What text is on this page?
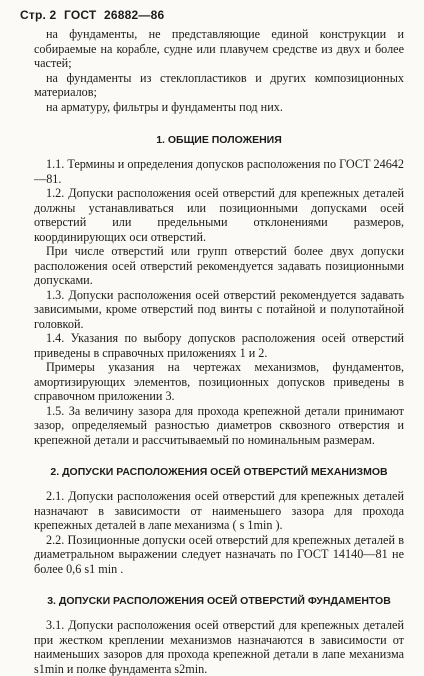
Стр. 2 ГОСТ 26882—86

на фундаменты, не представляющие единой конструкции и собираемые на корабле, судне или плавучем средстве из двух и более частей;

на фундаменты из стеклопластиков и других композиционных материалов;

на арматуру, фильтры и фундаменты под них.

1. ОБЩИЕ ПОЛОЖЕНИЯ

1.1. Термины и определения допусков расположения по ГОСТ 24642—81.

1.2. Допуски расположения осей отверстий для крепежных деталей должны устанавливаться или позиционными допусками осей отверстий или предельными отклонениями размеров, координирующих оси отверстий.

При числе отверстий или групп отверстий более двух допуски расположения осей отверстий рекомендуется задавать позиционными допусками.

1.3. Допуски расположения осей отверстий рекомендуется задавать зависимыми, кроме отверстий под винты с потайной и полупотайной головкой.

1.4. Указания по выбору допусков расположения осей отверстий приведены в справочных приложениях 1 и 2.

Примеры указания на чертежах механизмов, фундаментов, амортизирующих элементов, позиционных допусков приведены в справочном приложении 3.

1.5. За величину зазора для прохода крепежной детали принимают зазор, определяемый разностью диаметров сквозного отверстия и крепежной детали и рассчитываемый по номинальным размерам.

2. ДОПУСКИ РАСПОЛОЖЕНИЯ ОСЕЙ ОТВЕРСТИЙ МЕХАНИЗМОВ

2.1. Допуски расположения осей отверстий для крепежных деталей назначают в зависимости от наименьшего зазора для прохода крепежных деталей в лапе механизма ( s 1min ).

2.2. Позиционные допуски осей отверстий для крепежных деталей в диаметральном выражении следует назначать по ГОСТ 14140—81 не более 0,6 s1 min .

3. ДОПУСКИ РАСПОЛОЖЕНИЯ ОСЕЙ ОТВЕРСТИЙ ФУНДАМЕНТОВ

3.1. Допуски расположения осей отверстий для крепежных деталей при жестком креплении механизмов назначаются в зависимости от наименьших зазоров для прохода крепежной детали в лапе механизма s1min и полке фундамента s2min.
